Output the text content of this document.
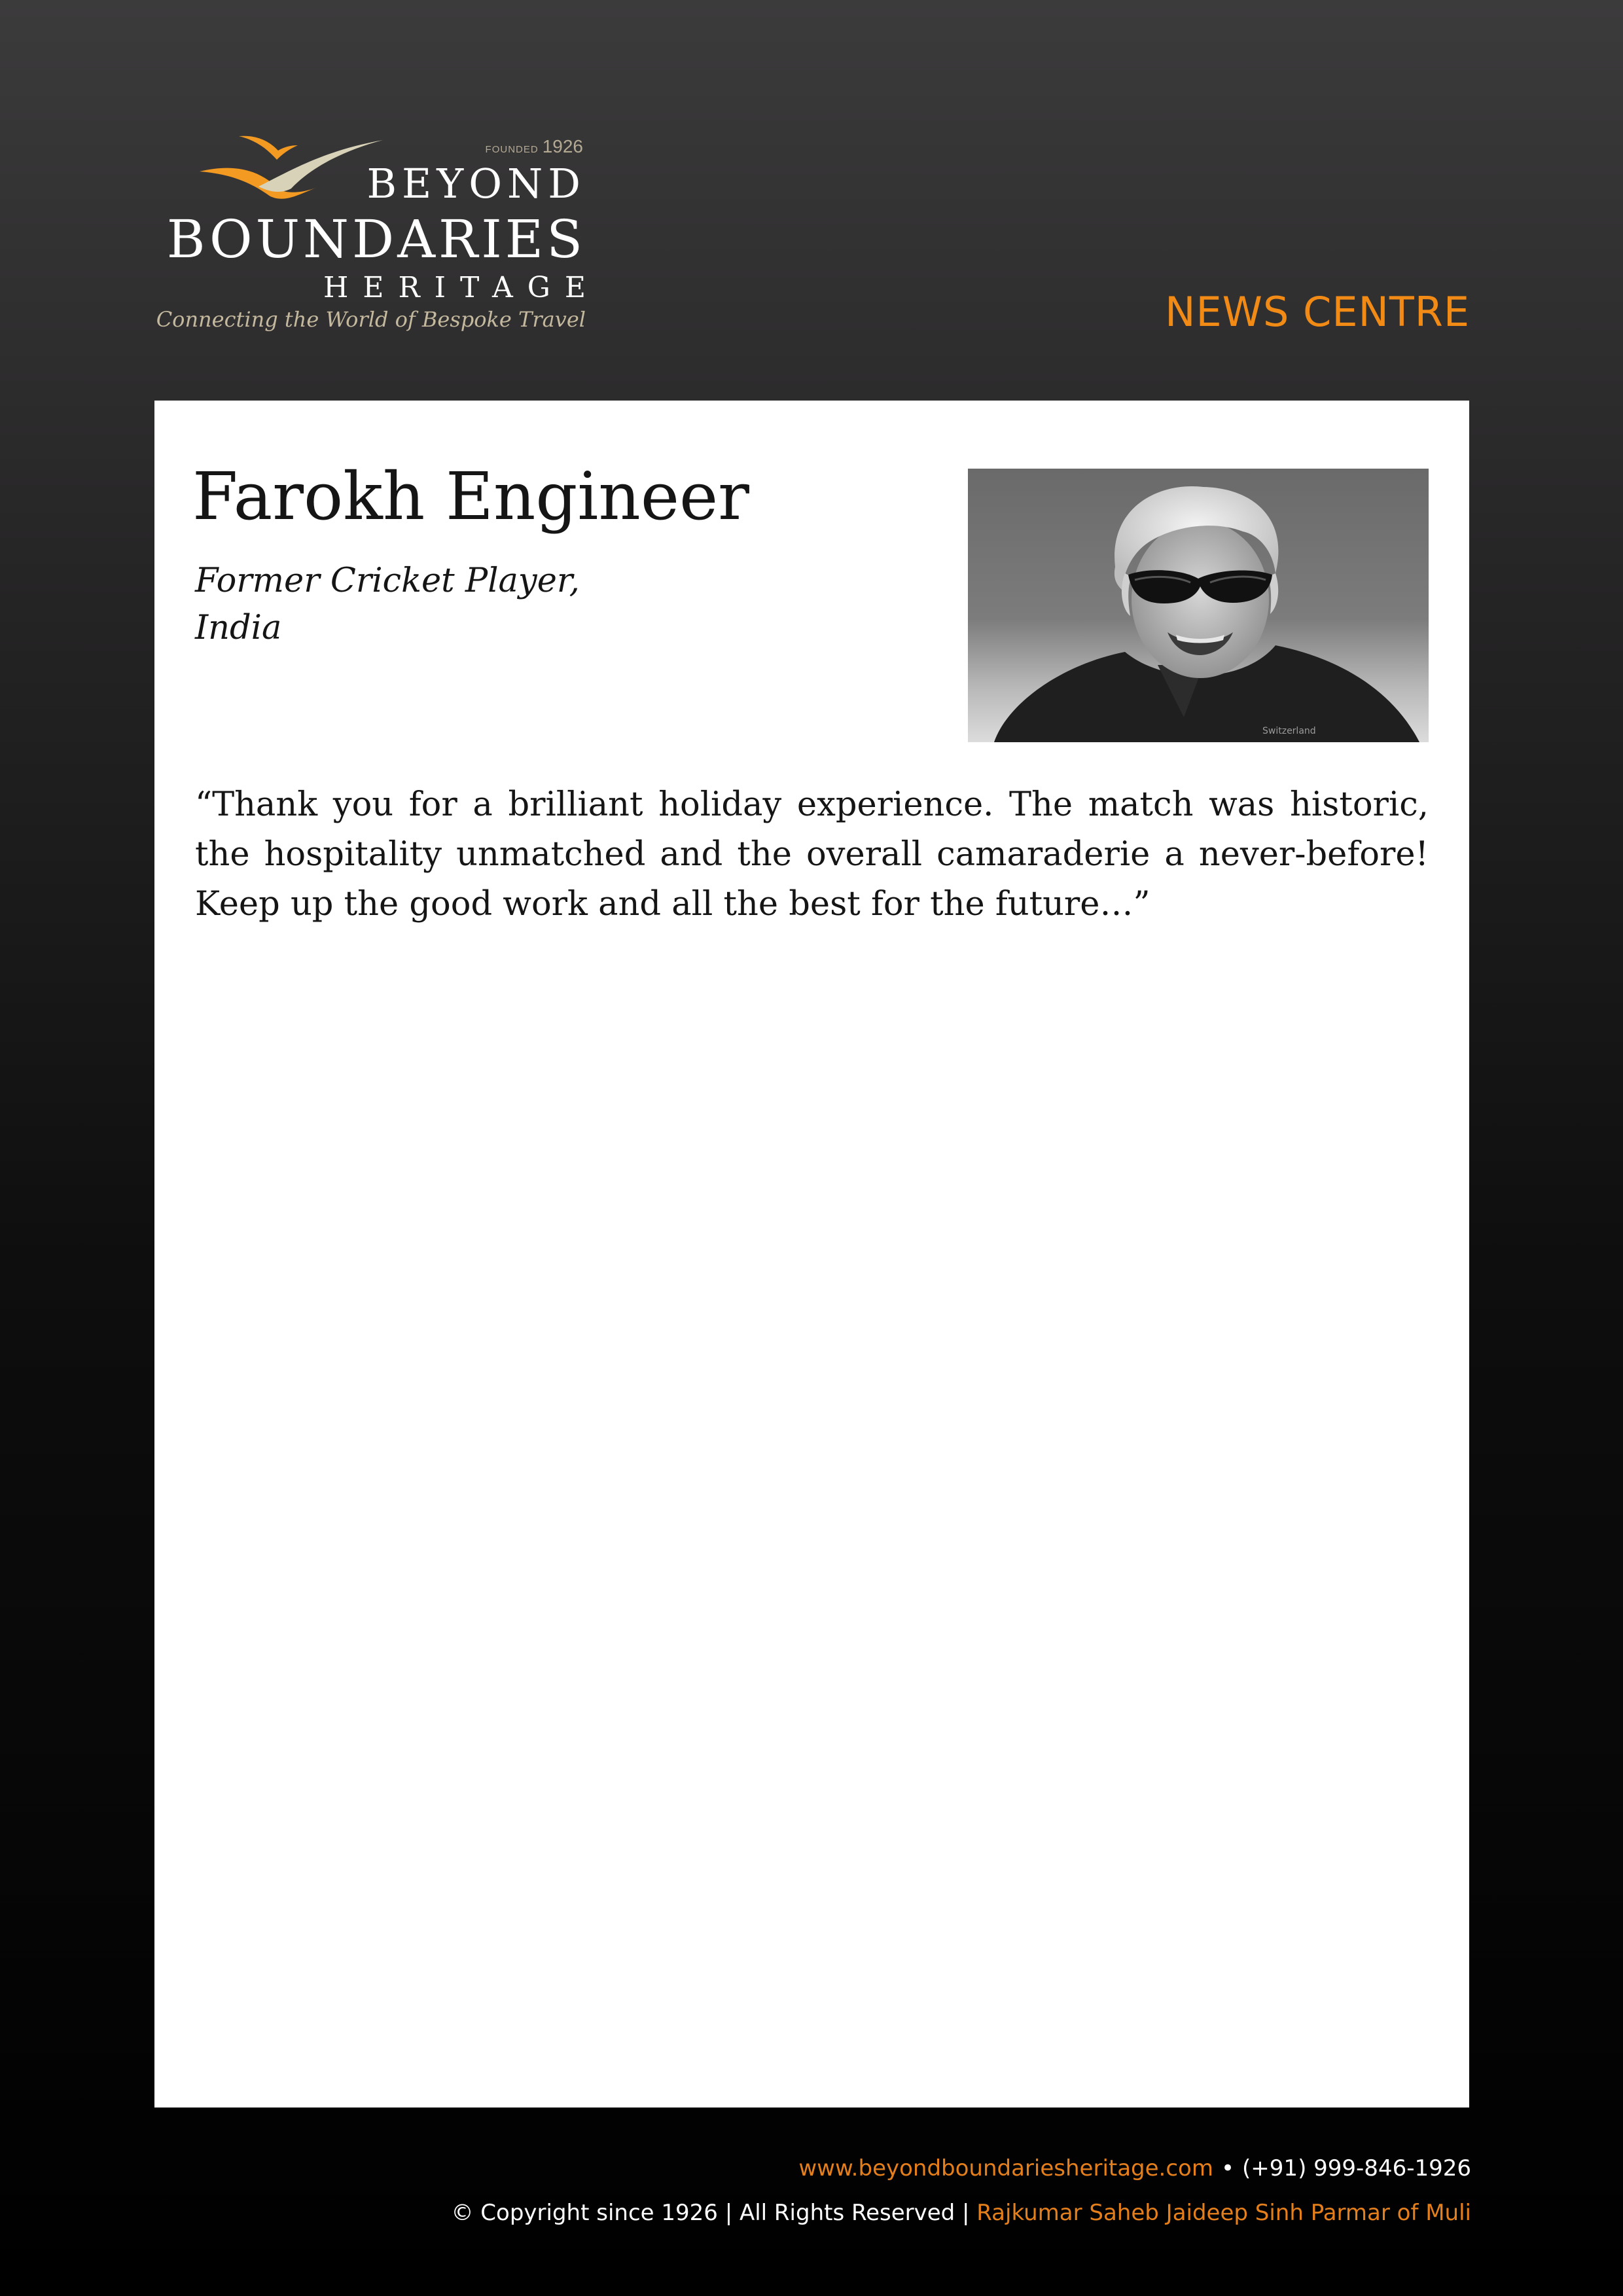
FOUNDED 1926
BEYOND
BOUNDARIES
HERITAGE
Connecting the World of Bespoke Travel	NEWS CENTRE
Farokh Engineer
Former Cricket Player,
India
Switzerland

“Thank you for a brilliant holiday experience. The match was historic, the hospitality unmatched and the overall camaraderie a never-before! Keep up the good work and all the best for the future…”

www.beyondboundariesheritage.com • (+91) 999-846-1926
© Copyright since 1926 | All Rights Reserved | Rajkumar Saheb Jaideep Sinh Parmar of Muli
